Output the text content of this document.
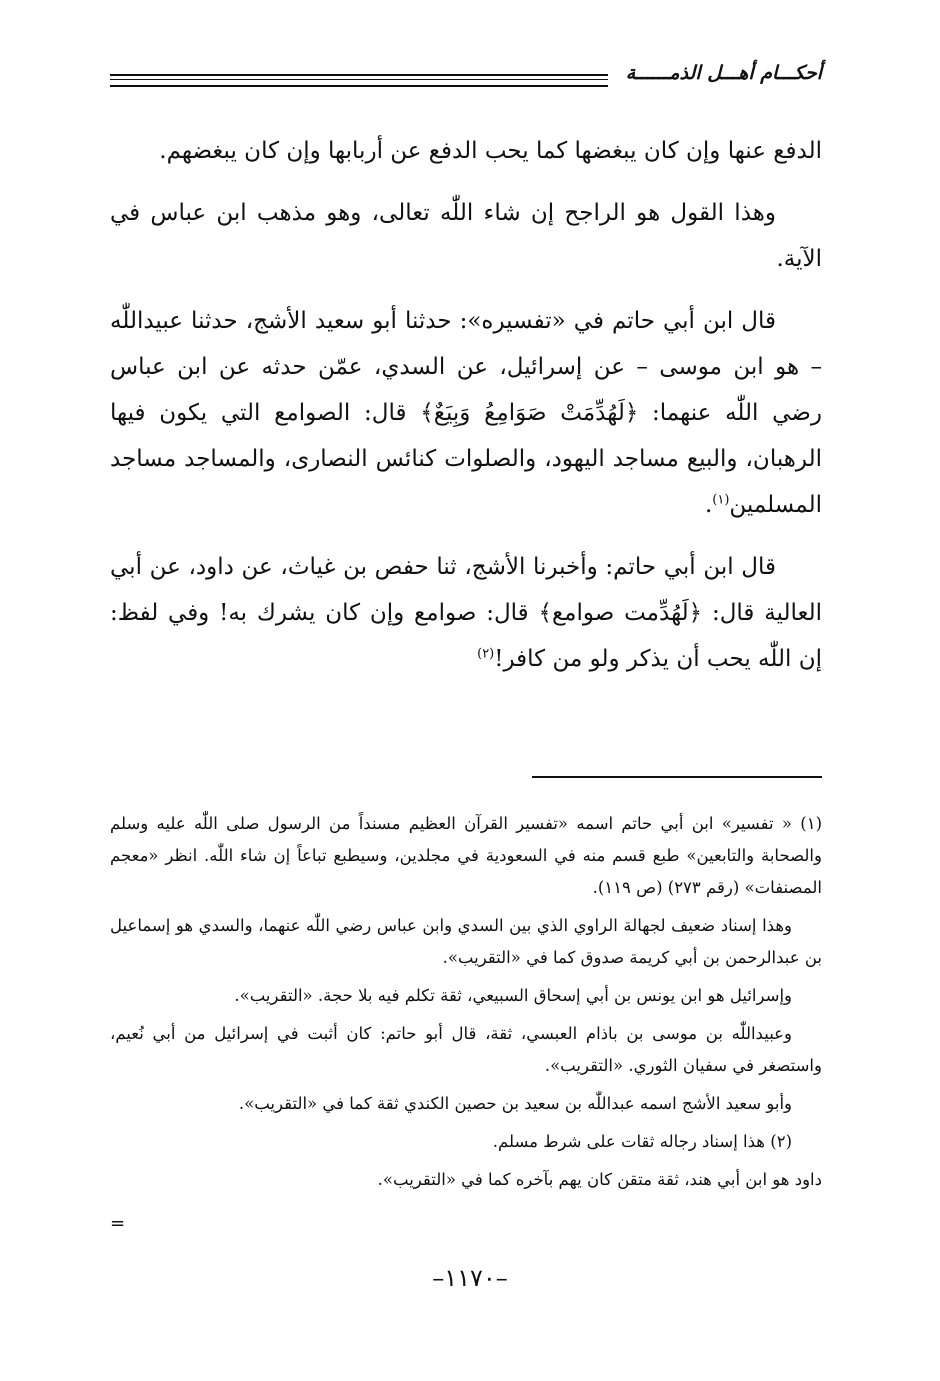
أحكـــام أهـــل الذمــــــة

الدفع عنها وإن كان يبغضها كما يحب الدفع عن أربابها وإن كان يبغضهم.

وهذا القول هو الراجح إن شاء اللّٰه تعالى، وهو مذهب ابن عباس في الآية.

قال ابن أبي حاتم في «تفسيره»: حدثنا أبو سعيد الأشج، حدثنا عبيداللّٰه – هو ابن موسى – عن إسرائيل، عن السدي، عمّن حدثه عن ابن عباس رضي اللّٰه عنهما: ﴿لَهُدِّمَتْ صَوَامِعُ وَبِيَعٌ﴾ قال: الصوامع التي يكون فيها الرهبان، والبيع مساجد اليهود، والصلوات كنائس النصارى، والمساجد مساجد المسلمين$^{(١)}$.

قال ابن أبي حاتم: وأخبرنا الأشج، ثنا حفص بن غياث، عن داود، عن أبي العالية قال: ﴿لَهُدِّمت صوامع﴾ قال: صوامع وإن كان يشرك به! وفي لفظ: إن اللّٰه يحب أن يذكر ولو من كافر!$^{(٢)}$

(١) « تفسير» ابن أبي حاتم اسمه «تفسير القرآن العظيم مسنداً من الرسول صلى اللّٰه عليه وسلم والصحابة والتابعين» طبع قسم منه في السعودية في مجلدين، وسيطبع تباعاً إن شاء اللّٰه. انظر «معجم المصنفات» (رقم ٢٧٣) (ص ١١٩).

وهذا إسناد ضعيف لجهالة الراوي الذي بين السدي وابن عباس رضي اللّٰه عنهما، والسدي هو إسماعيل بن عبدالرحمن بن أبي كريمة صدوق كما في «التقريب».

وإسرائيل هو ابن يونس بن أبي إسحاق السبيعي، ثقة تكلم فيه بلا حجة. «التقريب».

وعبيداللّٰه بن موسى بن باذام العبسي، ثقة، قال أبو حاتم: كان أثبت في إسرائيل من أبي نُعيم، واستصغر في سفيان الثوري. «التقريب».

وأبو سعيد الأشج اسمه عبداللّٰه بن سعيد بن حصين الكندي ثقة كما في «التقريب».

(٢) هذا إسناد رجاله ثقات على شرط مسلم.

داود هو ابن أبي هند، ثقة متقن كان يهم بآخره كما في «التقريب».

=
–١١٧٠–
